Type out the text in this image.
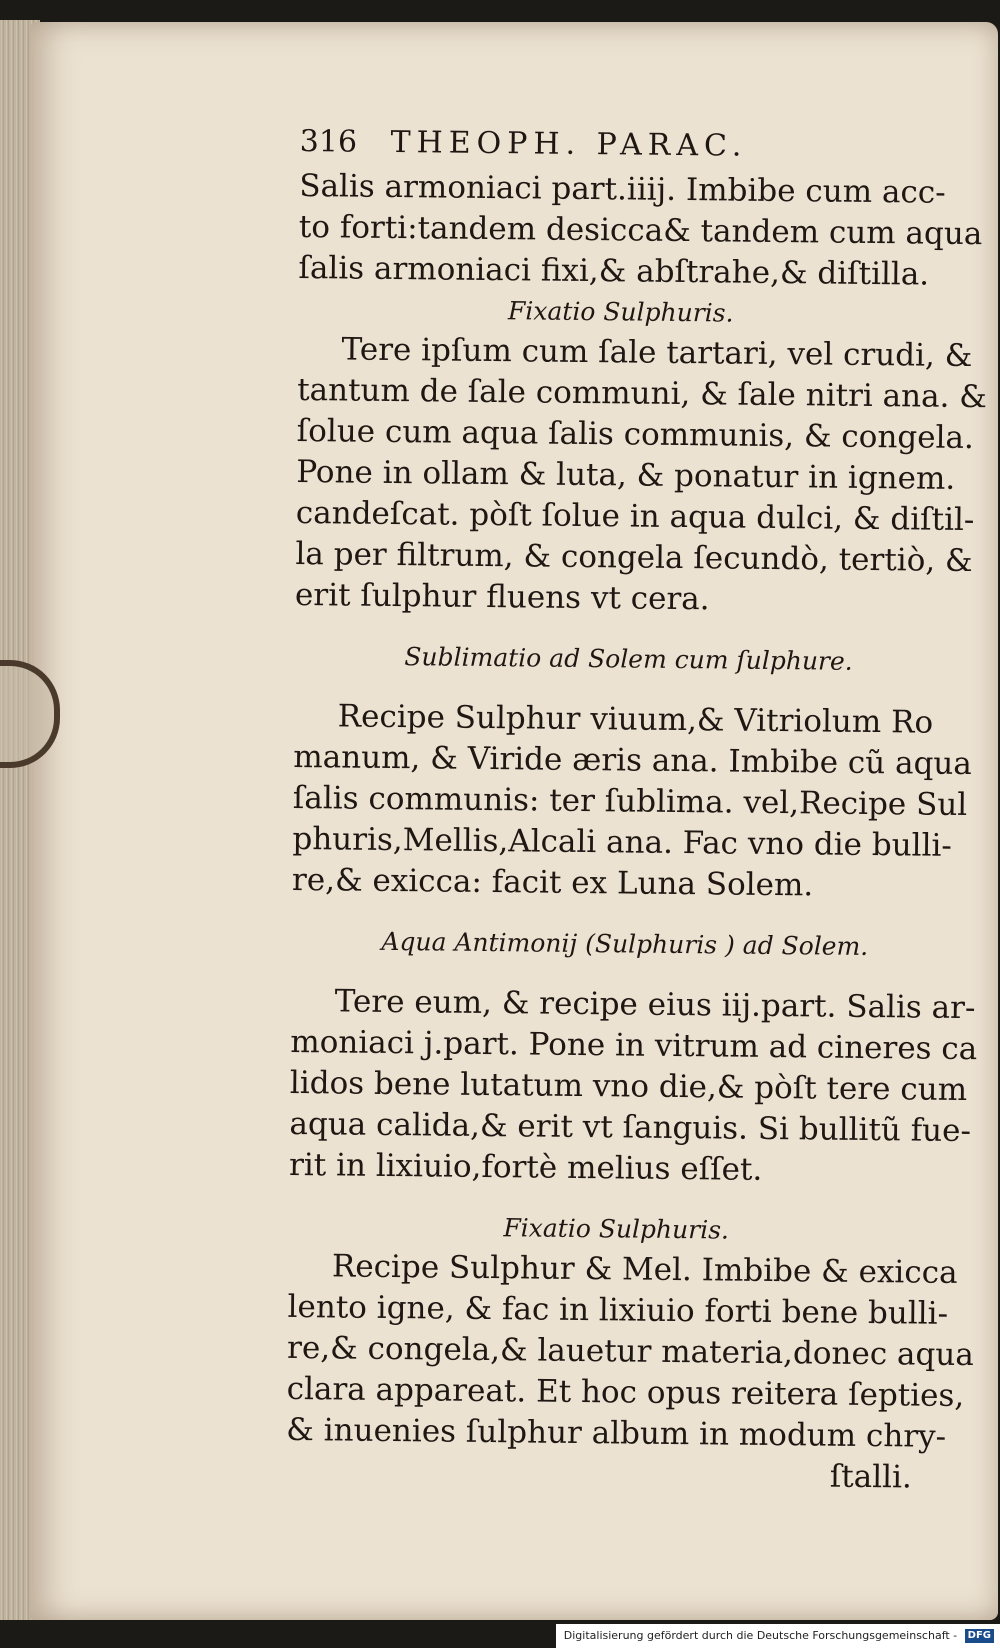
316 THEOPH. PARAC.
Salis armoniaci part.iiij. Imbibe cum acc-
to forti:tandem desicca& tandem cum aqua
ſalis armoniaci fixi,& abſtrahe,& diſtilla.
Fixatio Sulphuris.
Tere ipſum cum ſale tartari, vel crudi, &
tantum de ſale communi, & ſale nitri ana. &
ſolue cum aqua ſalis communis, & congela.
Pone in ollam & luta, & ponatur in ignem.
candeſcat. pòſt ſolue in aqua dulci, & diſtil-
la per filtrum, & congela ſecundò, tertiò, &
erit ſulphur fluens vt cera.
Sublimatio ad Solem cum ſulphure.
Recipe Sulphur viuum,& Vitriolum Ro
manum, & Viride æris ana. Imbibe cũ aqua
ſalis communis: ter ſublima. vel,Recipe Sul
phuris,Mellis,Alcali ana. Fac vno die bulli-
re,& exicca: facit ex Luna Solem.
Aqua Antimonij (Sulphuris ) ad Solem.
Tere eum, & recipe eius iij.part. Salis ar-
moniaci j.part. Pone in vitrum ad cineres ca
lidos bene lutatum vno die,& pòſt tere cum
aqua calida,& erit vt ſanguis. Si bullitũ fue-
rit in lixiuio,fortè melius eſſet.
Fixatio Sulphuris.
Recipe Sulphur & Mel. Imbibe & exicca
lento igne, & fac in lixiuio forti bene bulli-
re,& congela,& lauetur materia,donec aqua
clara appareat. Et hoc opus reitera ſepties,
& inuenies ſulphur album in modum chry-
ſtalli.
Digitalisierung gefördert durch die Deutsche Forschungsgemeinschaft - DFG
